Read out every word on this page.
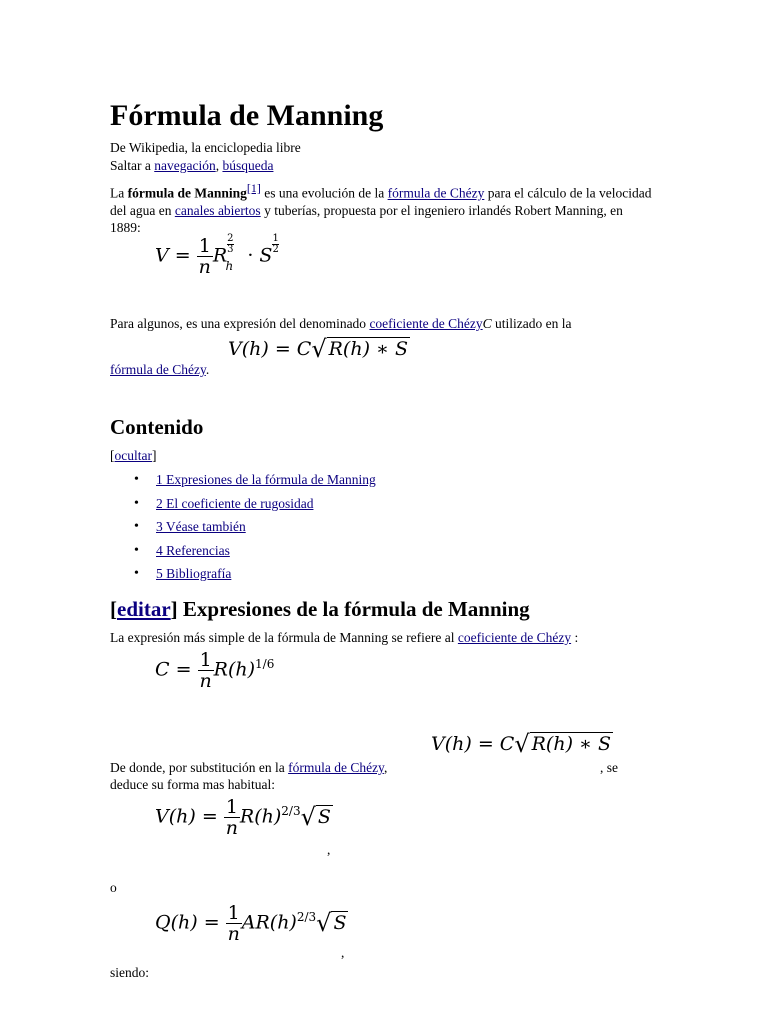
Fórmula de Manning
De Wikipedia, la enciclopedia libre
Saltar a navegación, búsqueda
La fórmula de Manning[1] es una evolución de la fórmula de Chézy para el cálculo de la velocidad del agua en canales abiertos y tuberías, propuesta por el ingeniero irlandés Robert Manning, en 1889:
$V = \frac{1}{n}$ R $\frac{2}{3}$
h · S $\frac{1}{2}$
Para algunos, es una expresión del denominado coeficiente de ChézyC utilizado en la
V(h) = C√ R(h) ∗ S
fórmula de Chézy.
Contenido
[ocultar]
• 1 Expresiones de la fórmula de Manning
• 2 El coeficiente de rugosidad
• 3 Véase también
• 4 Referencias
• 5 Bibliografía
[editar] Expresiones de la fórmula de Manning
La expresión más simple de la fórmula de Manning se refiere al coeficiente de Chézy :
$C = \frac{1}{n} R(h)^{1/6}$
V(h) = C√ R(h) ∗ S
De donde, por substitución en la fórmula de Chézy,	, se
deduce su forma mas habitual:
$V(h) = \frac{1}{n} R(h)^{2/3}√$ S
,
o
$Q(h) = \frac{1}{n} AR(h)^{2/3}√$ S
,
siendo:
